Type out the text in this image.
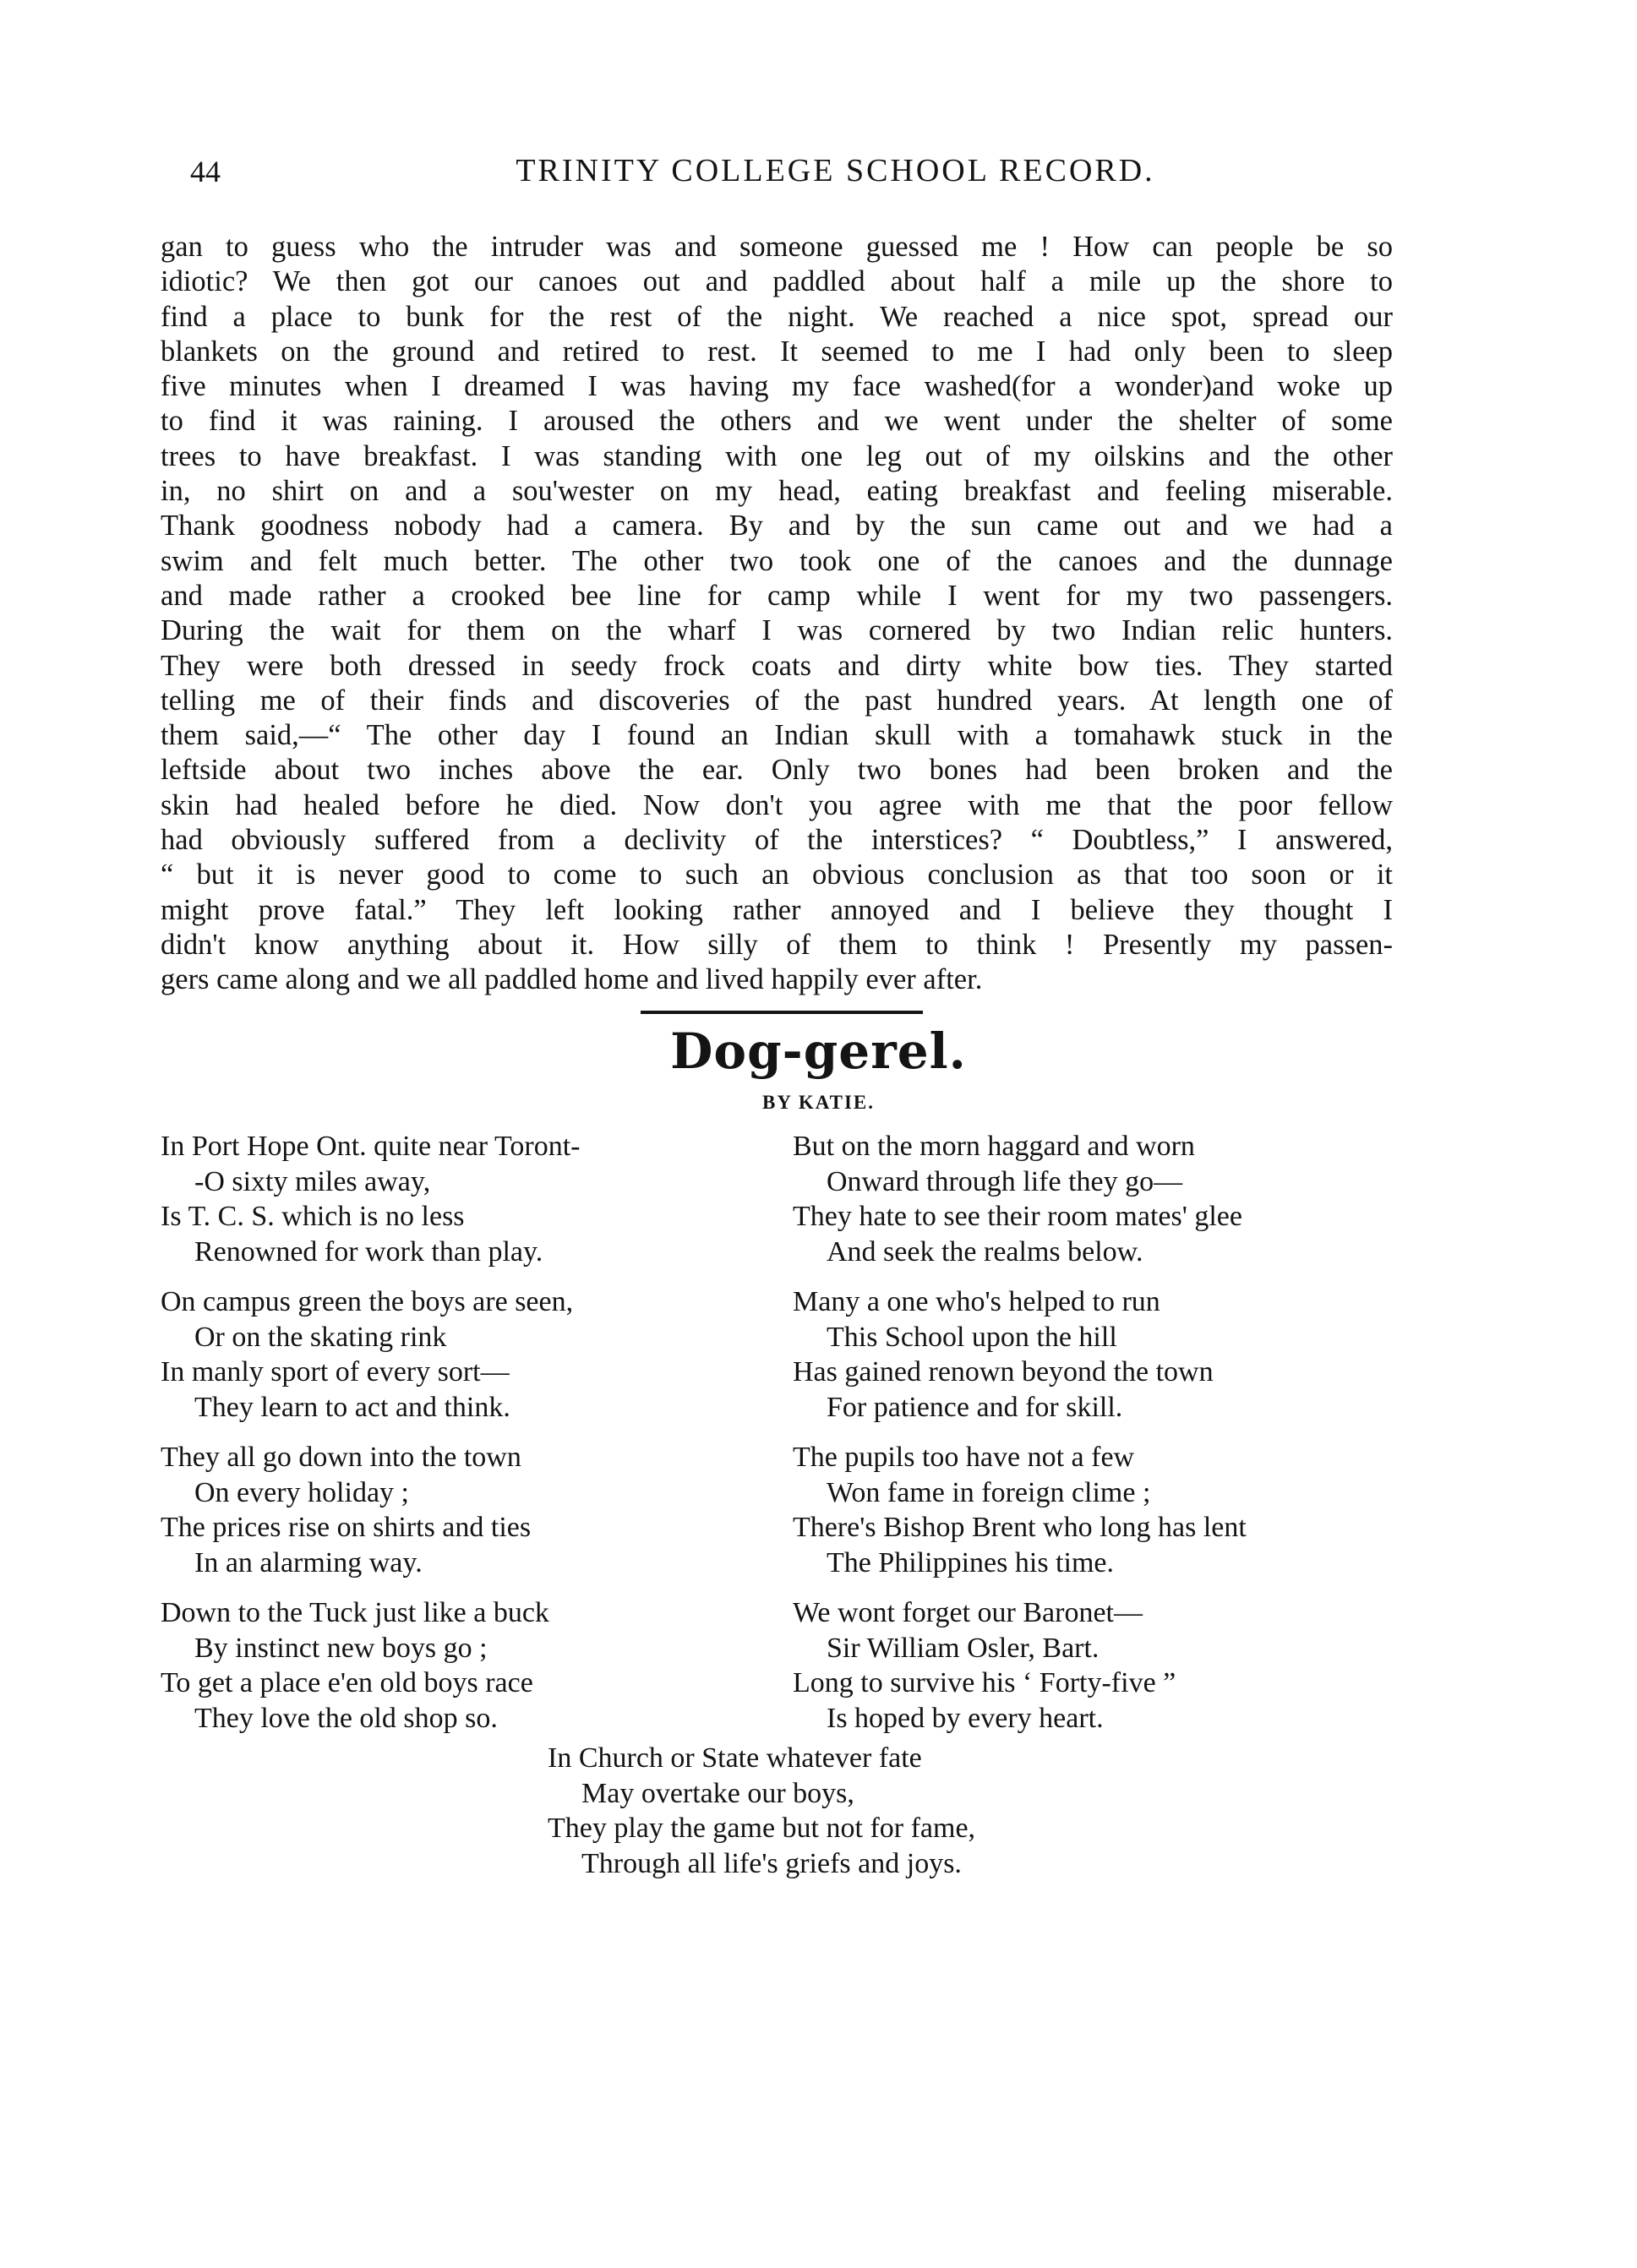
44	TRINITY COLLEGE SCHOOL RECORD.
gan to guess who the intruder was and someone guessed me ! How can people be so
idiotic? We then got our canoes out and paddled about half a mile up the shore to
find a place to bunk for the rest of the night. We reached a nice spot, spread our
blankets on the ground and retired to rest. It seemed to me I had only been to sleep
five minutes when I dreamed I was having my face washed(for a wonder)and woke up
to find it was raining. I aroused the others and we went under the shelter of some
trees to have breakfast. I was standing with one leg out of my oilskins and the other
in, no shirt on and a sou'wester on my head, eating breakfast and feeling miserable.
Thank goodness nobody had a camera. By and by the sun came out and we had a
swim and felt much better. The other two took one of the canoes and the dunnage
and made rather a crooked bee line for camp while I went for my two passengers.
During the wait for them on the wharf I was cornered by two Indian relic hunters.
They were both dressed in seedy frock coats and dirty white bow ties. They started
telling me of their finds and discoveries of the past hundred years. At length one of
them said,—“ The other day I found an Indian skull with a tomahawk stuck in the
leftside about two inches above the ear. Only two bones had been broken and the
skin had healed before he died. Now don't you agree with me that the poor fellow
had obviously suffered from a declivity of the interstices? “ Doubtless,” I answered,
“ but it is never good to come to such an obvious conclusion as that too soon or it
might prove fatal.” They left looking rather annoyed and I believe they thought I
didn't know anything about it. How silly of them to think ! Presently my passen-
gers came along and we all paddled home and lived happily ever after.
Dog-gerel.
BY KATIE.
In Port Hope Ont. quite near Toront-
-O sixty miles away,
Is T. C. S. which is no less
Renowned for work than play.
On campus green the boys are seen,
Or on the skating rink
In manly sport of every sort—
They learn to act and think.
They all go down into the town
On every holiday ;
The prices rise on shirts and ties
In an alarming way.
Down to the Tuck just like a buck
By instinct new boys go ;
To get a place e'en old boys race
They love the old shop so.
But on the morn haggard and worn
Onward through life they go—
They hate to see their room mates' glee
And seek the realms below.
Many a one who's helped to run
This School upon the hill
Has gained renown beyond the town
For patience and for skill.
The pupils too have not a few
Won fame in foreign clime ;
There's Bishop Brent who long has lent
The Philippines his time.
We wont forget our Baronet—
Sir William Osler, Bart.
Long to survive his ‘ Forty-five ”
Is hoped by every heart.
In Church or State whatever fate
May overtake our boys,
They play the game but not for fame,
Through all life's griefs and joys.
